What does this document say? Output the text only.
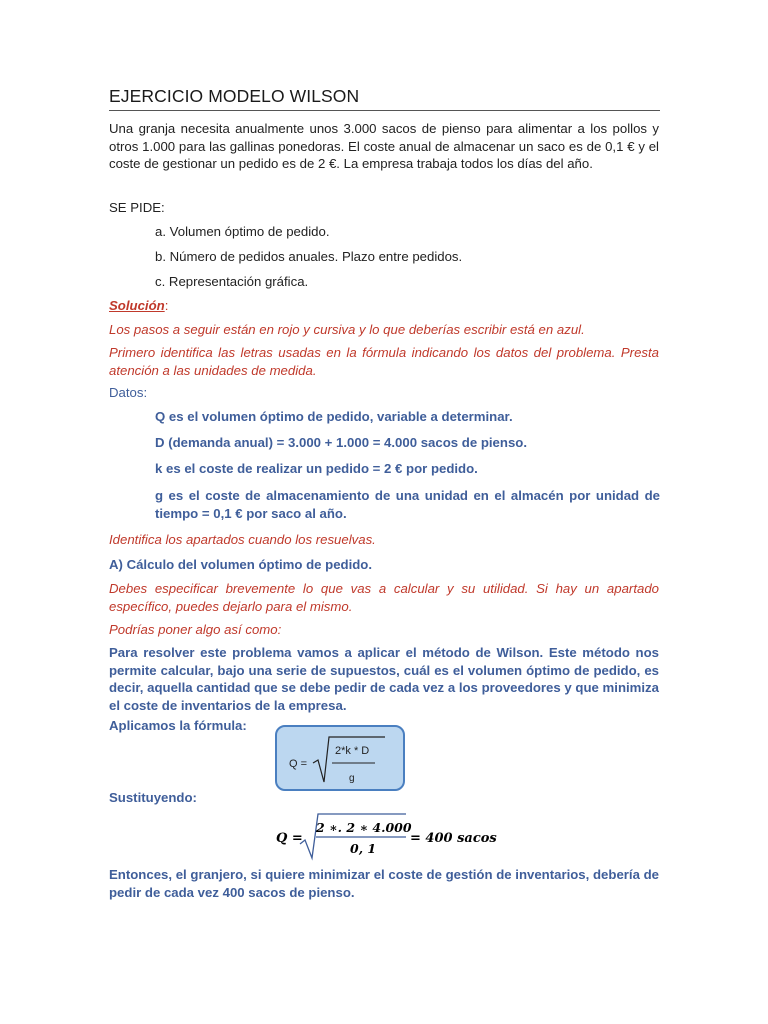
EJERCICIO MODELO WILSON
Una granja necesita anualmente unos 3.000 sacos de pienso para alimentar a los pollos y otros 1.000 para las gallinas ponedoras. El coste anual de almacenar un saco es de 0,1 € y el coste de gestionar un pedido es de 2 €. La empresa trabaja todos los días del año.
SE PIDE:
a. Volumen óptimo de pedido.
b. Número de pedidos anuales. Plazo entre pedidos.
c. Representación gráfica.
Solución:
Los pasos a seguir están en rojo y cursiva y lo que deberías escribir está en azul.
Primero identifica las letras usadas en la fórmula indicando los datos del problema. Presta atención a las unidades de medida.
Datos:
Q es el volumen óptimo de pedido, variable a determinar.
D (demanda anual) = 3.000 + 1.000 = 4.000 sacos de pienso.
k es el coste de realizar un pedido = 2 € por pedido.
g es el coste de almacenamiento de una unidad en el almacén por unidad de tiempo = 0,1 € por saco al año.
Identifica los apartados cuando los resuelvas.
A) Cálculo del volumen óptimo de pedido.
Debes especificar brevemente lo que vas a calcular y su utilidad. Si hay un apartado específico, puedes dejarlo para el mismo.
Podrías poner algo así como:
Para resolver este problema vamos a aplicar el método de Wilson. Este método nos permite calcular, bajo una serie de supuestos, cuál es el volumen óptimo de pedido, es decir, aquella cantidad que se debe pedir de cada vez a los proveedores y que minimiza el coste de inventarios de la empresa.
Aplicamos la fórmula:
Q =
2*k * D
g
Sustituyendo:
Q =
2 ∗. 2 ∗ 4.000
0, 1
= 400 sacos
Entonces, el granjero, si quiere minimizar el coste de gestión de inventarios, debería de pedir de cada vez 400 sacos de pienso.
